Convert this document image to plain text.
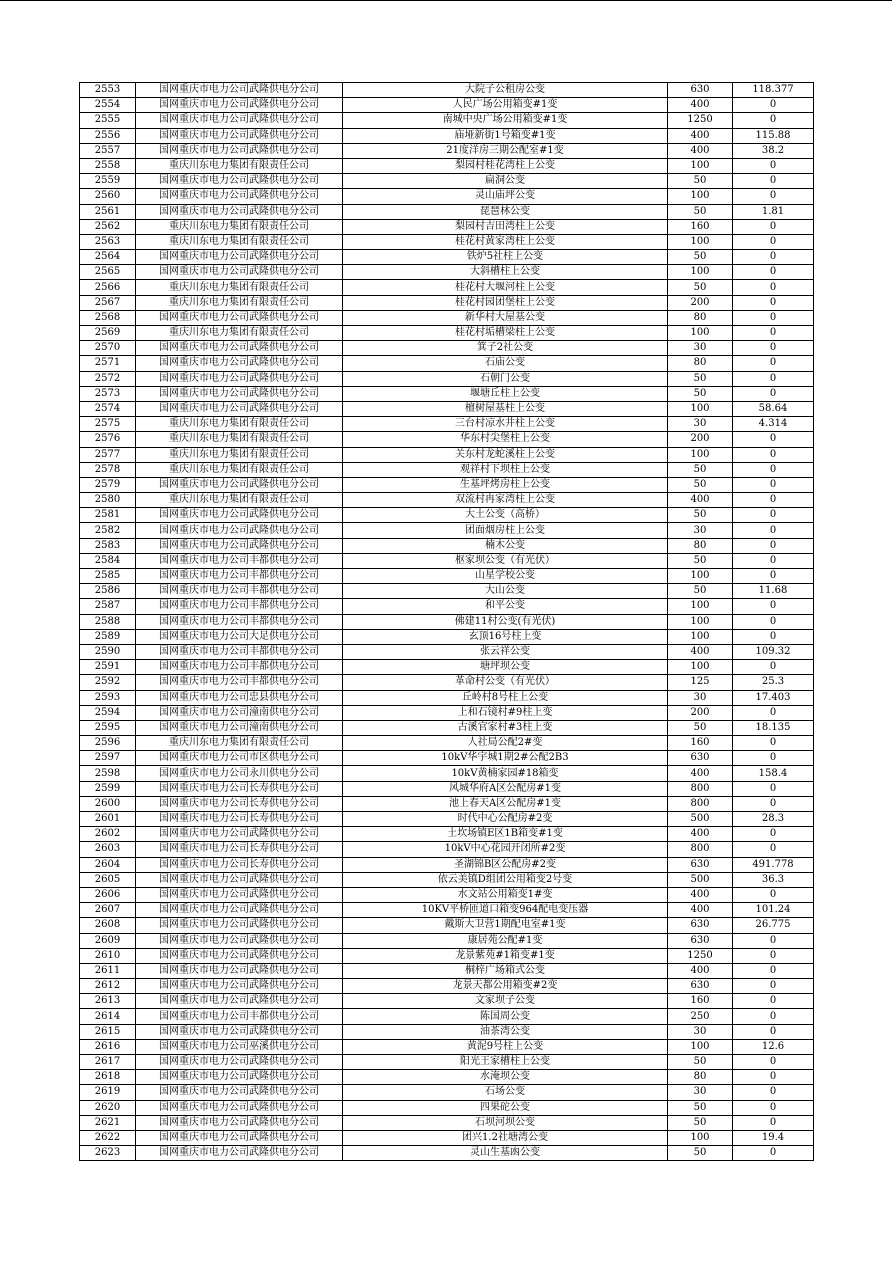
2553	国网重庆市电力公司武隆供电分公司	大院子公租房公变	630	118.377
2554	国网重庆市电力公司武隆供电分公司	人民广场公用箱变#1变	400	0
2555	国网重庆市电力公司武隆供电分公司	南城中央广场公用箱变#1变	1250	0
2556	国网重庆市电力公司武隆供电分公司	庙垭新街1号箱变#1变	400	115.88
2557	国网重庆市电力公司武隆供电分公司	21度洋房三期公配室#1变	400	38.2
2558	重庆川东电力集团有限责任公司	梨园村桂花湾柱上公变	100	0
2559	国网重庆市电力公司武隆供电分公司	扁洞公变	50	0
2560	国网重庆市电力公司武隆供电分公司	灵山庙坪公变	100	0
2561	国网重庆市电力公司武隆供电分公司	琵琶林公变	50	1.81
2562	重庆川东电力集团有限责任公司	梨园村吉田湾柱上公变	160	0
2563	重庆川东电力集团有限责任公司	桂花村黄家湾柱上公变	100	0
2564	国网重庆市电力公司武隆供电分公司	铁炉5社柱上公变	50	0
2565	国网重庆市电力公司武隆供电分公司	大斜槽柱上公变	100	0
2566	重庆川东电力集团有限责任公司	桂花村大堰河柱上公变	50	0
2567	重庆川东电力集团有限责任公司	桂花村园团堡柱上公变	200	0
2568	国网重庆市电力公司武隆供电分公司	新华村大屋基公变	80	0
2569	重庆川东电力集团有限责任公司	桂花村垢槽梁柱上公变	100	0
2570	国网重庆市电力公司武隆供电分公司	箕子2社公变	30	0
2571	国网重庆市电力公司武隆供电分公司	石庙公变	80	0
2572	国网重庆市电力公司武隆供电分公司	石朝门公变	50	0
2573	国网重庆市电力公司武隆供电分公司	堰塘丘柱上公变	50	0
2574	国网重庆市电力公司武隆供电分公司	檀树屋基柱上公变	100	58.64
2575	重庆川东电力集团有限责任公司	三台村凉水井柱上公变	30	4.314
2576	重庆川东电力集团有限责任公司	华东村尖堡柱上公变	200	0
2577	重庆川东电力集团有限责任公司	关东村龙蛇溪柱上公变	100	0
2578	重庆川东电力集团有限责任公司	观祥村下坝柱上公变	50	0
2579	国网重庆市电力公司武隆供电分公司	生基坪烤房柱上公变	50	0
2580	重庆川东电力集团有限责任公司	双流村冉家湾柱上公变	400	0
2581	国网重庆市电力公司武隆供电分公司	大土公变（高桥）	50	0
2582	国网重庆市电力公司武隆供电分公司	团面烟房柱上公变	30	0
2583	国网重庆市电力公司武隆供电分公司	楠木公变	80	0
2584	国网重庆市电力公司丰都供电分公司	枢家坝公变（有光伏）	50	0
2585	国网重庆市电力公司丰都供电分公司	山星学校公变	100	0
2586	国网重庆市电力公司丰都供电分公司	大山公变	50	11.68
2587	国网重庆市电力公司丰都供电分公司	和平公变	100	0
2588	国网重庆市电力公司丰都供电分公司	佛建11村公变(有光伏)	100	0
2589	国网重庆市电力公司大足供电分公司	玄顶16号柱上变	100	0
2590	国网重庆市电力公司丰都供电分公司	张云祥公变	400	109.32
2591	国网重庆市电力公司丰都供电分公司	塘坪坝公变	100	0
2592	国网重庆市电力公司丰都供电分公司	革命村公变（有光伏）	125	25.3
2593	国网重庆市电力公司忠县供电分公司	丘岭村8号柱上公变	30	17.403
2594	国网重庆市电力公司潼南供电分公司	上和石镜村#9柱上变	200	0
2595	国网重庆市电力公司潼南供电分公司	古溪官家村#3柱上变	50	18.135
2596	重庆川东电力集团有限责任公司	人社局公配2#变	160	0
2597	国网重庆市电力公司市区供电分公司	10kV华宇城1期2#公配2B3	630	0
2598	国网重庆市电力公司永川供电分公司	10kV黄楠家园#18箱变	400	158.4
2599	国网重庆市电力公司长寿供电分公司	风城华府A区公配房#1变	800	0
2600	国网重庆市电力公司长寿供电分公司	池上春天A区公配房#1变	800	0
2601	国网重庆市电力公司长寿供电分公司	时代中心公配房#2变	500	28.3
2602	国网重庆市电力公司武隆供电分公司	土坎场镇E区1B箱变#1变	400	0
2603	国网重庆市电力公司长寿供电分公司	10kV中心花园开闭所#2变	800	0
2604	国网重庆市电力公司长寿供电分公司	圣湖锦B区公配房#2变	630	491.778
2605	国网重庆市电力公司武隆供电分公司	依云美镇D组团公用箱变2号变	500	36.3
2606	国网重庆市电力公司武隆供电分公司	水文站公用箱变1#变	400	0
2607	国网重庆市电力公司武隆供电分公司	10KV平桥匝道口箱变964配电变压器	400	101.24
2608	国网重庆市电力公司武隆供电分公司	戴斯大卫营1期配电室#1变	630	26.775
2609	国网重庆市电力公司武隆供电分公司	康居苑公配#1变	630	0
2610	国网重庆市电力公司武隆供电分公司	龙景紫苑#1箱变#1变	1250	0
2611	国网重庆市电力公司武隆供电分公司	桐梓广场箱式公变	400	0
2612	国网重庆市电力公司武隆供电分公司	龙景天都公用箱变#2变	630	0
2613	国网重庆市电力公司武隆供电分公司	文家坝子公变	160	0
2614	国网重庆市电力公司丰都供电分公司	陈国周公变	250	0
2615	国网重庆市电力公司武隆供电分公司	油茶湾公变	30	0
2616	国网重庆市电力公司巫溪供电分公司	黄泥9号柱上公变	100	12.6
2617	国网重庆市电力公司武隆供电分公司	阳光王家槽柱上公变	50	0
2618	国网重庆市电力公司武隆供电分公司	水淹坝公变	80	0
2619	国网重庆市电力公司武隆供电分公司	石场公变	30	0
2620	国网重庆市电力公司武隆供电分公司	四果砣公变	50	0
2621	国网重庆市电力公司武隆供电分公司	石坝河坝公变	50	0
2622	国网重庆市电力公司武隆供电分公司	团兴1.2社塘湾公变	100	19.4
2623	国网重庆市电力公司武隆供电分公司	灵山生基凼公变	50	0
